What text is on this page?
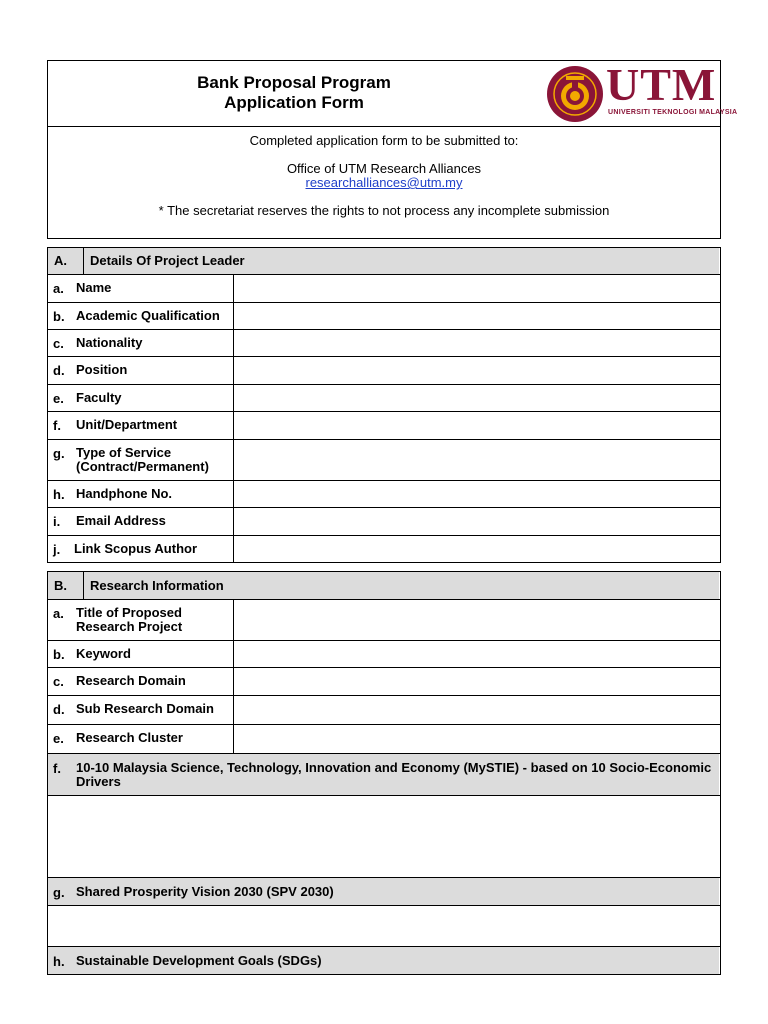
Bank Proposal Program
Application Form	UTM
UNIVERSITI TEKNOLOGI MALAYSIA
Completed application form to be submitted to:
Office of UTM Research Alliances
researchalliances@utm.my
* The secretariat reserves the rights to not process any incomplete submission
A. Details Of Project Leader
a. Name
b. Academic Qualification
c. Nationality
d. Position
e. Faculty
f. Unit/Department
g. Type of Service
(Contract/Permanent)
h. Handphone No.
i. Email Address
j. Link Scopus Author
B. Research Information
a. Title of Proposed
Research Project
b. Keyword
c. Research Domain
d. Sub Research Domain
e. Research Cluster
f. 10-10 Malaysia Science, Technology, Innovation and Economy (MySTIE) - based on 10 Socio-Economic Drivers
g. Shared Prosperity Vision 2030 (SPV 2030)
h. Sustainable Development Goals (SDGs)
